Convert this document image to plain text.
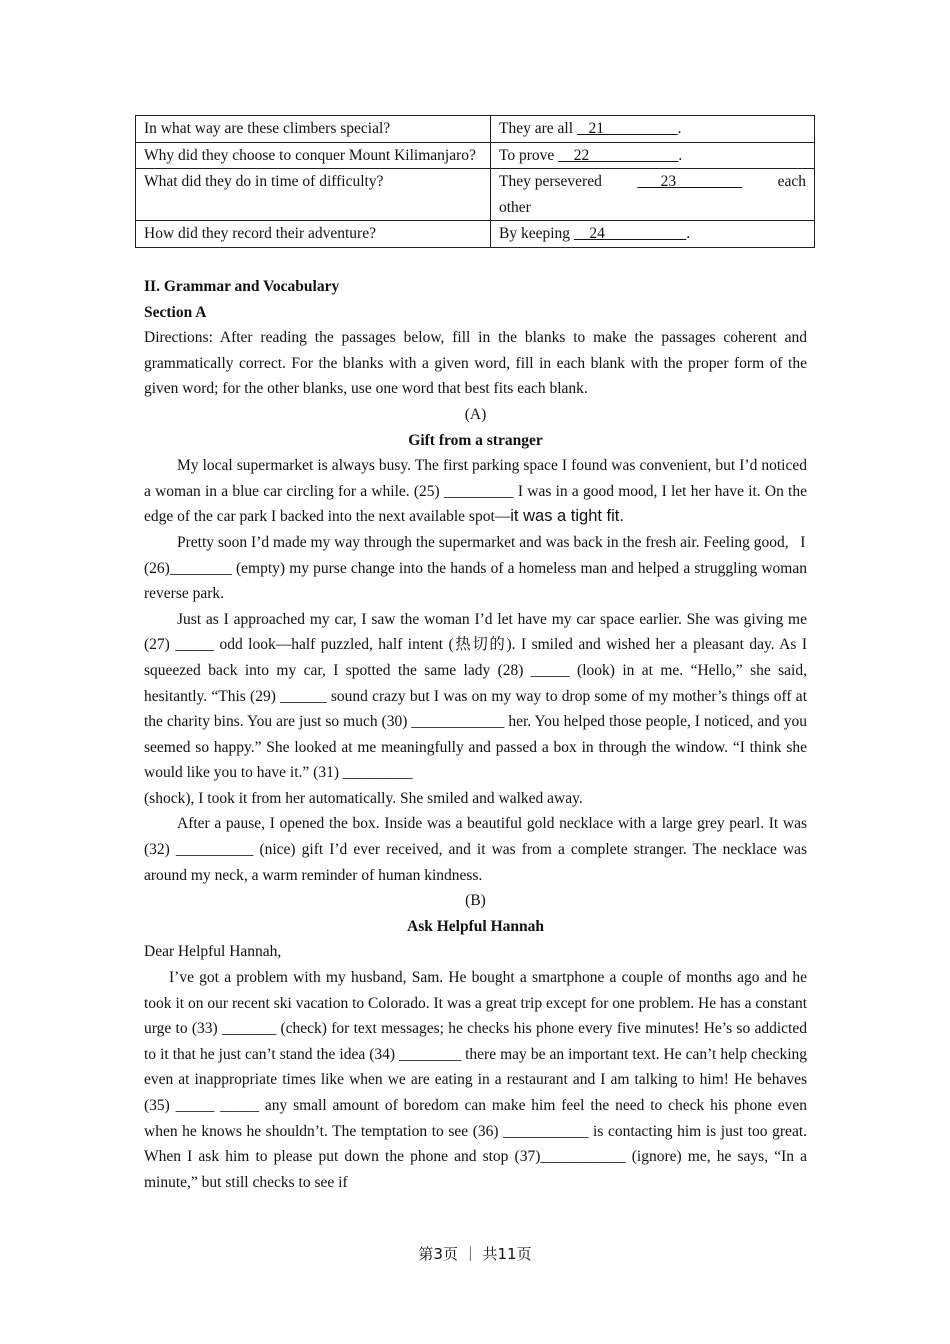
In what way are these climbers special?	They are all    21                   .
Why did they choose to conquer Mount Kilimanjaro?	To prove     22                       .
What did they do in time of difficulty?	They persevered 23 each
other

How did they record their adventure?	By keeping     24                     .

II. Grammar and Vocabulary

Section A

Directions: After reading the passages below, fill in the blanks to make the passages coherent and grammatically correct. For the blanks with a given word, fill in each blank with the proper form of the given word; for the other blanks, use one word that best fits each blank.

(A)

Gift from a stranger

My local supermarket is always busy. The first parking space I found was convenient, but I’d noticed a woman in a blue car circling for a while. (25) _________ I was in a good mood, I let her have it. On the edge of the car park I backed into the next available spot—it was a tight fit.

Pretty soon I’d made my way through the supermarket and was back in the fresh air. Feeling good,   I

(26)________ (empty) my purse change into the hands of a homeless man and helped a struggling woman reverse park.

Just as I approached my car, I saw the woman I’d let have my car space earlier. She was giving me (27) _____ odd look—half puzzled, half intent (热切的). I smiled and wished her a pleasant day. As I squeezed back into my car, I spotted the same lady (28) _____ (look) in at me. “Hello,” she said, hesitantly. “This (29) ______ sound crazy but I was on my way to drop some of my mother’s things off at the charity bins. You are just so much (30) ____________ her. You helped those people, I noticed, and you seemed so happy.” She looked at me meaningfully and passed a box in through the window. “I think she would like you to have it.” (31) _________

(shock), I took it from her automatically. She smiled and walked away.

After a pause, I opened the box. Inside was a beautiful gold necklace with a large grey pearl. It was (32) __________ (nice) gift I’d ever received, and it was from a complete stranger. The necklace was around my neck, a warm reminder of human kindness.

(B)

Ask Helpful Hannah

Dear Helpful Hannah,

I’ve got a problem with my husband, Sam. He bought a smartphone a couple of months ago and he took it on our recent ski vacation to Colorado. It was a great trip except for one problem. He has a constant urge to (33) _______ (check) for text messages; he checks his phone every five minutes! He’s so addicted to it that he just can’t stand the idea (34) ________ there may be an important text. He can’t help checking even at inappropriate times like when we are eating in a restaurant and I am talking to him! He behaves (35) _____ _____ any small amount of boredom can make him feel the need to check his phone even when he knows he shouldn’t. The temptation to see (36) ___________ is contacting him is just too great. When I ask him to please put down the phone and stop (37)___________ (ignore) me, he says, “In a minute,” but still checks to see if

第3页 ｜ 共11页
